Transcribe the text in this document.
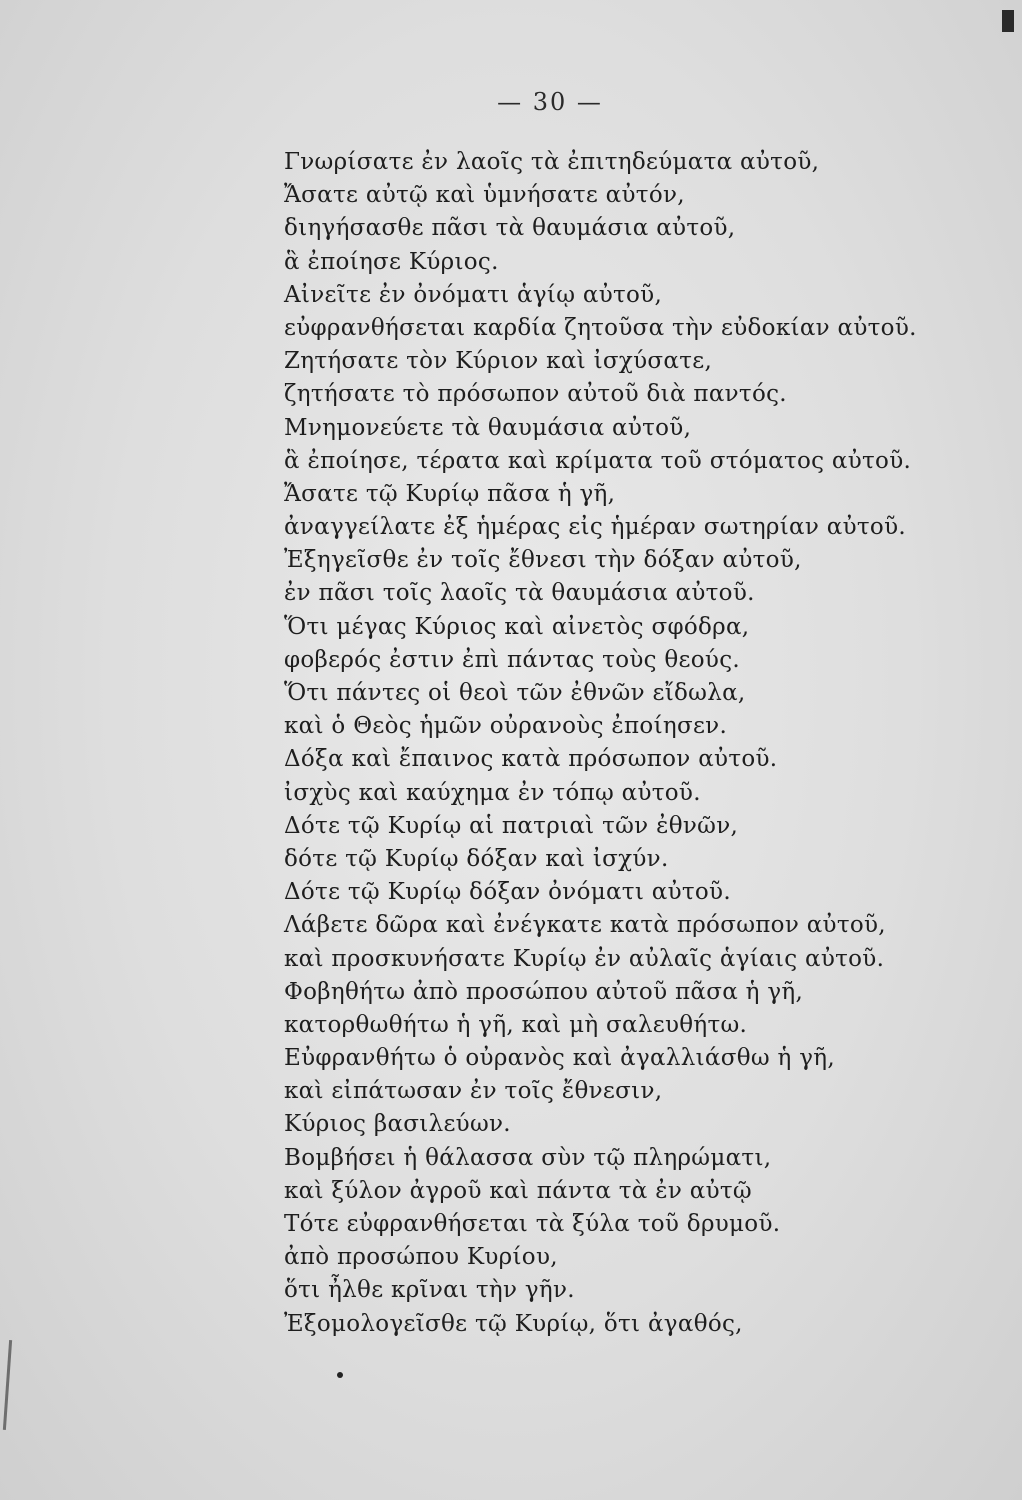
— 30 —
Γνωρίσατε ἐν λαοῖς τὰ ἐπιτηδεύματα αὐτοῦ,
Ἄσατε αὐτῷ καὶ ὑμνήσατε αὐτόν,
διηγήσασθε πᾶσι τὰ θαυμάσια αὐτοῦ,
ἃ ἐποίησε Κύριος.
Αἰνεῖτε ἐν ὀνόματι ἁγίῳ αὐτοῦ,
εὐφρανθήσεται καρδία ζητοῦσα τὴν εὐδοκίαν αὐτοῦ.
Ζητήσατε τὸν Κύριον καὶ ἰσχύσατε,
ζητήσατε τὸ πρόσωπον αὐτοῦ διὰ παντός.
Μνημονεύετε τὰ θαυμάσια αὐτοῦ,
ἃ ἐποίησε, τέρατα καὶ κρίματα τοῦ στόματος αὐτοῦ.
Ἄσατε τῷ Κυρίῳ πᾶσα ἡ γῆ,
ἀναγγείλατε ἐξ ἡμέρας εἰς ἡμέραν σωτηρίαν αὐτοῦ.
Ἐξηγεῖσθε ἐν τοῖς ἔθνεσι τὴν δόξαν αὐτοῦ,
ἐν πᾶσι τοῖς λαοῖς τὰ θαυμάσια αὐτοῦ.
Ὅτι μέγας Κύριος καὶ αἰνετὸς σφόδρα,
φοβερός ἐστιν ἐπὶ πάντας τοὺς θεούς.
Ὅτι πάντες οἱ θεοὶ τῶν ἐθνῶν εἴδωλα,
καὶ ὁ Θεὸς ἡμῶν οὐρανοὺς ἐποίησεν.
Δόξα καὶ ἔπαινος κατὰ πρόσωπον αὐτοῦ.
ἰσχὺς καὶ καύχημα ἐν τόπῳ αὐτοῦ.
Δότε τῷ Κυρίῳ αἱ πατριαὶ τῶν ἐθνῶν,
δότε τῷ Κυρίῳ δόξαν καὶ ἰσχύν.
Δότε τῷ Κυρίῳ δόξαν ὀνόματι αὐτοῦ.
Λάβετε δῶρα καὶ ἐνέγκατε κατὰ πρόσωπον αὐτοῦ,
καὶ προσκυνήσατε Κυρίῳ ἐν αὐλαῖς ἁγίαις αὐτοῦ.
Φοβηθήτω ἀπὸ προσώπου αὐτοῦ πᾶσα ἡ γῆ,
κατορθωθήτω ἡ γῆ, καὶ μὴ σαλευθήτω.
Εὐφρανθήτω ὁ οὐρανὸς καὶ ἀγαλλιάσθω ἡ γῆ,
καὶ εἰπάτωσαν ἐν τοῖς ἔθνεσιν,
Κύριος βασιλεύων.
Βομβήσει ἡ θάλασσα σὺν τῷ πληρώματι,
καὶ ξύλον ἀγροῦ καὶ πάντα τὰ ἐν αὐτῷ
Τότε εὐφρανθήσεται τὰ ξύλα τοῦ δρυμοῦ.
ἀπὸ προσώπου Κυρίου,
ὅτι ἦλθε κρῖναι τὴν γῆν.
Ἐξομολογεῖσθε τῷ Κυρίῳ, ὅτι ἀγαθός,
